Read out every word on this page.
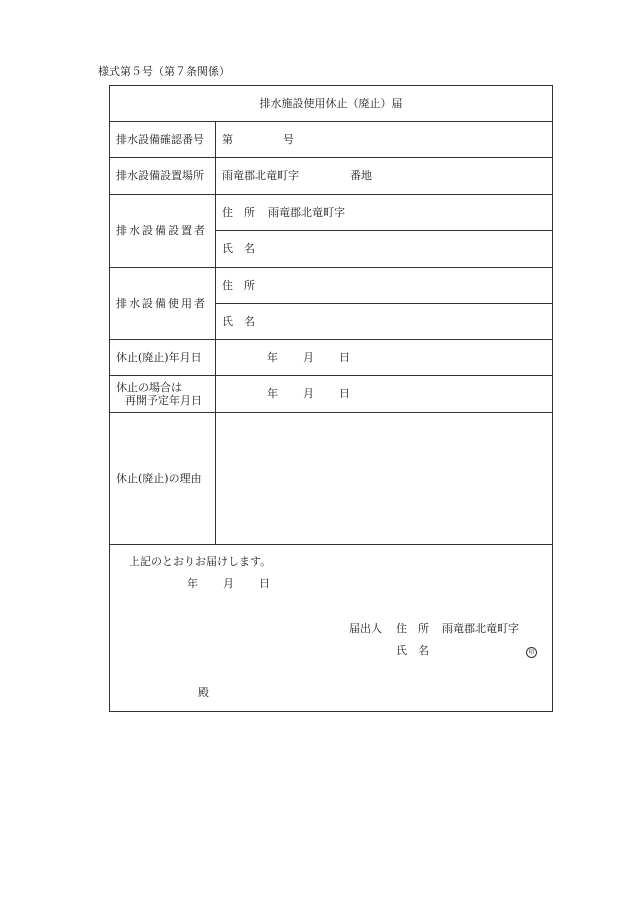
様式第５号（第７条関係）
排水施設使用休止（廃止）届
排水設備確認番号 第	号
排水設備設置場所 雨竜郡北竜町字	番地
排水設備設置者
住　所 雨竜郡北竜町字
氏　名
排水設備使用者
住　所
氏　名
休止(廃止)年月日	年 月 日
休止の場合は
再開予定年月日
年 月 日
休止(廃止)の理由
上記のとおりお届けします。
年 月 日
届出人 住　所 雨竜郡北竜町字
氏　名	印
殿
